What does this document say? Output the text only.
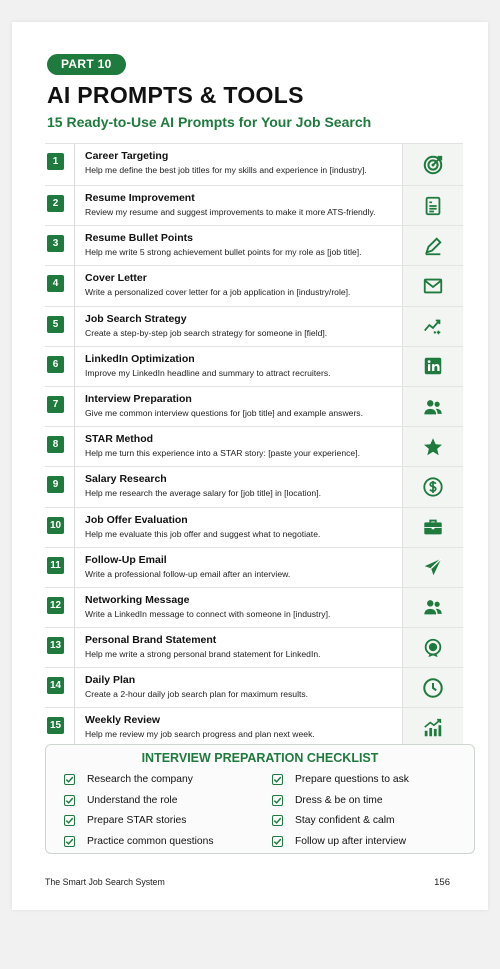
PART 10
AI PROMPTS & TOOLS
15 Ready-to-Use AI Prompts for Your Job Search
1	Career Targeting
Help me define the best job titles for my skills and experience in [industry].
2	Resume Improvement
Review my resume and suggest improvements to make it more ATS-friendly.
3	Resume Bullet Points
Help me write 5 strong achievement bullet points for my role as [job title].
4	Cover Letter
Write a personalized cover letter for a job application in [industry/role].
5	Job Search Strategy
Create a step-by-step job search strategy for someone in [field].
6	LinkedIn Optimization
Improve my LinkedIn headline and summary to attract recruiters.
7	Interview Preparation
Give me common interview questions for [job title] and example answers.
8	STAR Method
Help me turn this experience into a STAR story: [paste your experience].
9	Salary Research
Help me research the average salary for [job title] in [location].
10 Job Offer Evaluation
Help me evaluate this job offer and suggest what to negotiate.
11	Follow-Up Email
Write a professional follow-up email after an interview.
12 Networking Message
Write a LinkedIn message to connect with someone in [industry].
13 Personal Brand Statement
Help me write a strong personal brand statement for LinkedIn.
14 Daily Plan
Create a 2-hour daily job search plan for maximum results.
15 Weekly Review
Help me review my job search progress and plan next week.
INTERVIEW PREPARATION CHECKLIST
Research the company
Understand the role
Prepare STAR stories
Practice common questions
Prepare questions to ask
Dress & be on time
Stay confident & calm
Follow up after interview
The Smart Job Search System	156
